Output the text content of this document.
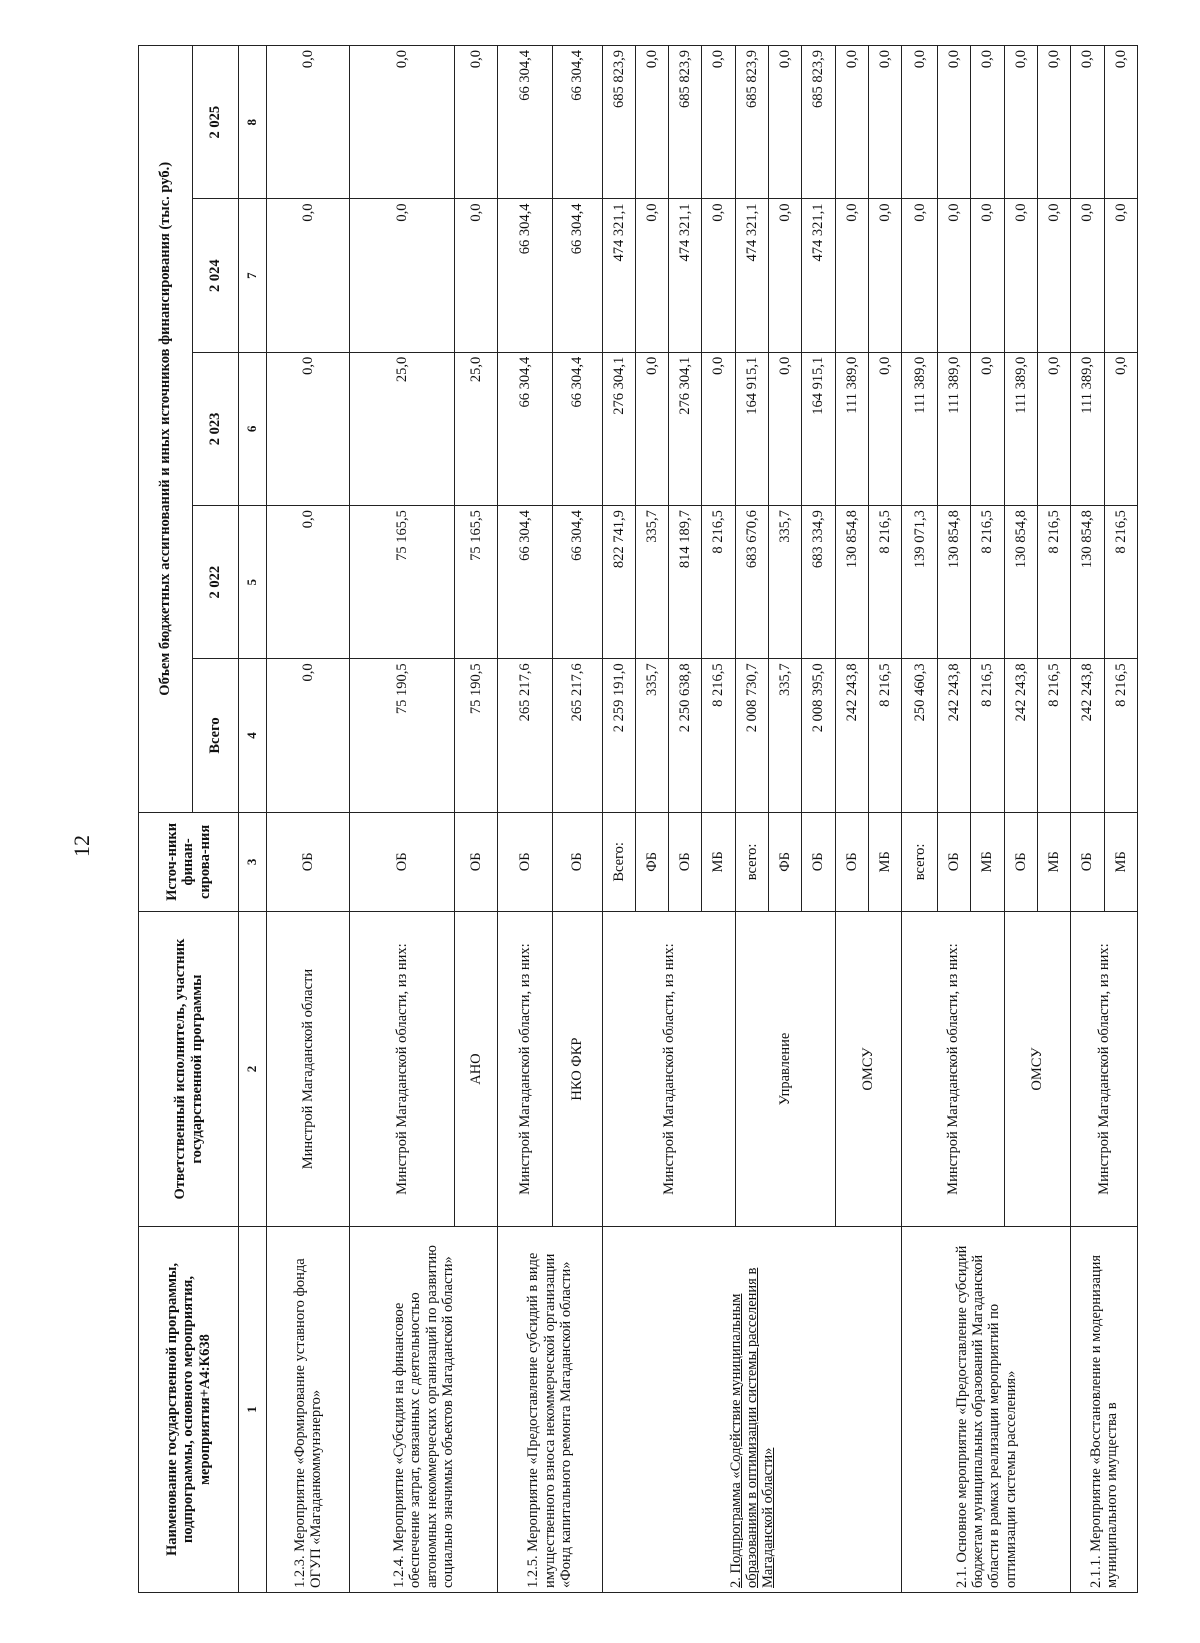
12
Наименование государственной программы, подпрограммы, основного мероприятия, мероприятия+А4:К638	Ответственный исполнитель, участник государственной программы	Источ-ники финан-сирова-ния	Объем бюджетных ассигнований и иных источников финансирования (тыс. руб.)				
			Всего	2 022	2 023	2 024	2 025
1	2	3	4	5	6	7	8
1.2.3. Мероприятие «Формирование уставного фонда ОГУП «Магаданкоммунэнерго»	Минстрой Магаданской области	ОБ	0,0	0,0	0,0	0,0	0,0
1.2.4. Мероприятие «Субсидия на финансовое обеспечение затрат, связанных с деятельностью автономных некоммерческих организаций по развитию социально значимых объектов Магаданской области»	Минстрой Магаданской области, из них:	ОБ	75 190,5	75 165,5	25,0	0,0	0,0
	АНО	ОБ	75 190,5	75 165,5	25,0	0,0	0,0
1.2.5. Мероприятие «Предоставление субсидий в виде имущественного взноса некоммерческой организации «Фонд капитального ремонта Магаданской области»	Минстрой Магаданской области, из них:	ОБ	265 217,6	66 304,4	66 304,4	66 304,4	66 304,4
	НКО ФКР	ОБ	265 217,6	66 304,4	66 304,4	66 304,4	66 304,4
2. Подпрограмма «Содействие муниципальным образованиям в оптимизации системы расселения в Магаданской области»	Минстрой Магаданской области, из них:	Всего:	2 259 191,0	822 741,9	276 304,1	474 321,1	685 823,9
		ФБ	335,7	335,7	0,0	0,0	0,0
		ОБ	2 250 638,8	814 189,7	276 304,1	474 321,1	685 823,9
		МБ	8 216,5	8 216,5	0,0	0,0	0,0
	Управление	всего:	2 008 730,7	683 670,6	164 915,1	474 321,1	685 823,9
		ФБ	335,7	335,7	0,0	0,0	0,0
		ОБ	2 008 395,0	683 334,9	164 915,1	474 321,1	685 823,9
	ОМСУ	ОБ	242 243,8	130 854,8	111 389,0	0,0	0,0
		МБ	8 216,5	8 216,5	0,0	0,0	0,0
2.1. Основное мероприятие «Предоставление субсидий бюджетам муниципальных образований Магаданской области в рамках реализации мероприятий по оптимизации системы расселения»	Минстрой Магаданской области, из них:	всего:	250 460,3	139 071,3	111 389,0	0,0	0,0
		ОБ	242 243,8	130 854,8	111 389,0	0,0	0,0
		МБ	8 216,5	8 216,5	0,0	0,0	0,0
	ОМСУ	ОБ	242 243,8	130 854,8	111 389,0	0,0	0,0
		МБ	8 216,5	8 216,5	0,0	0,0	0,0
2.1.1. Мероприятие «Восстановление и модернизация муниципального имущества в	Минстрой Магаданской области, из них:	ОБ	242 243,8	130 854,8	111 389,0	0,0	0,0
		МБ	8 216,5	8 216,5	0,0	0,0	0,0
